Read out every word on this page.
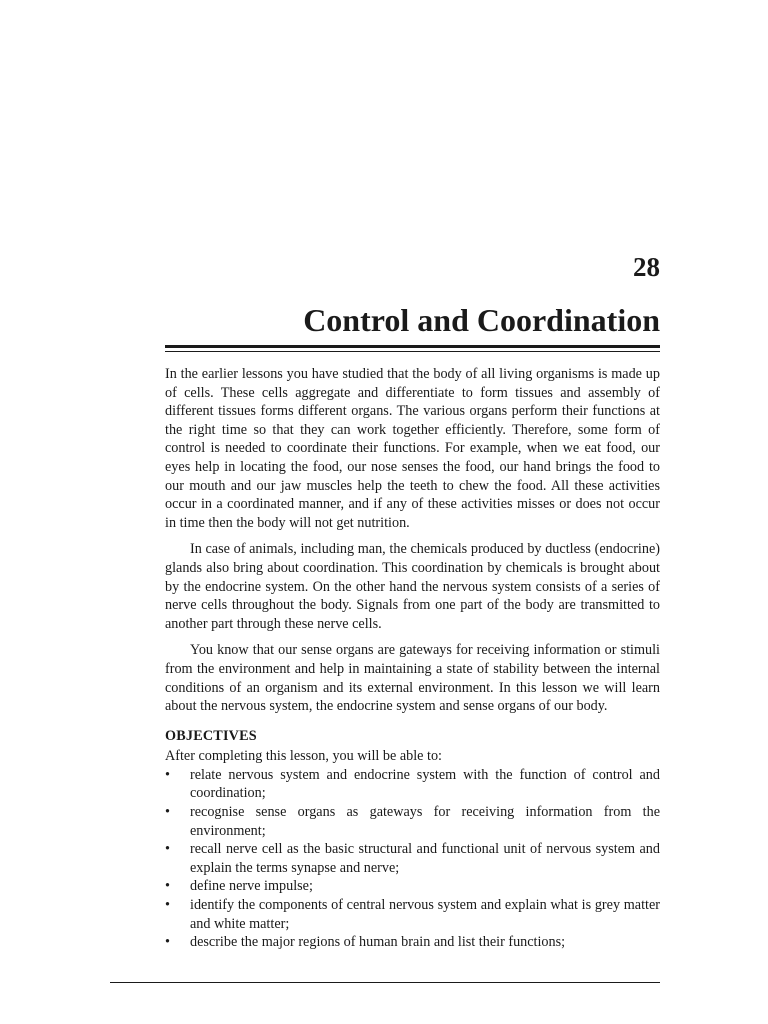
28
Control and Coordination

In the earlier lessons you have studied that the body of all living organisms is made up of cells. These cells aggregate and differentiate to form tissues and assembly of different tissues forms different organs. The various organs perform their functions at the right time so that they can work together efficiently. Therefore, some form of control is needed to coordinate their functions. For example, when we eat food, our eyes help in locating the food, our nose senses the food, our hand brings the food to our mouth and our jaw muscles help the teeth to chew the food. All these activities occur in a coordinated manner, and if any of these activities misses or does not occur in time then the body will not get nutrition.

In case of animals, including man, the chemicals produced by ductless (endocrine) glands also bring about coordination. This coordination by chemicals is brought about by the endocrine system. On the other hand the nervous system consists of a series of nerve cells throughout the body. Signals from one part of the body are transmitted to another part through these nerve cells.

You know that our sense organs are gateways for receiving information or stimuli from the environment and help in maintaining a state of stability between the internal conditions of an organism and its external environment. In this lesson we will learn about the nervous system, the endocrine system and sense organs of our body.

OBJECTIVES
After completing this lesson, you will be able to:
• relate nervous system and endocrine system with the function of control and coordination;
• recognise sense organs as gateways for receiving information from the environment;
• recall nerve cell as the basic structural and functional unit of nervous system and explain the terms synapse and nerve;
• define nerve impulse;
• identify the components of central nervous system and explain what is grey matter and white matter;
• describe the major regions of human brain and list their functions;
